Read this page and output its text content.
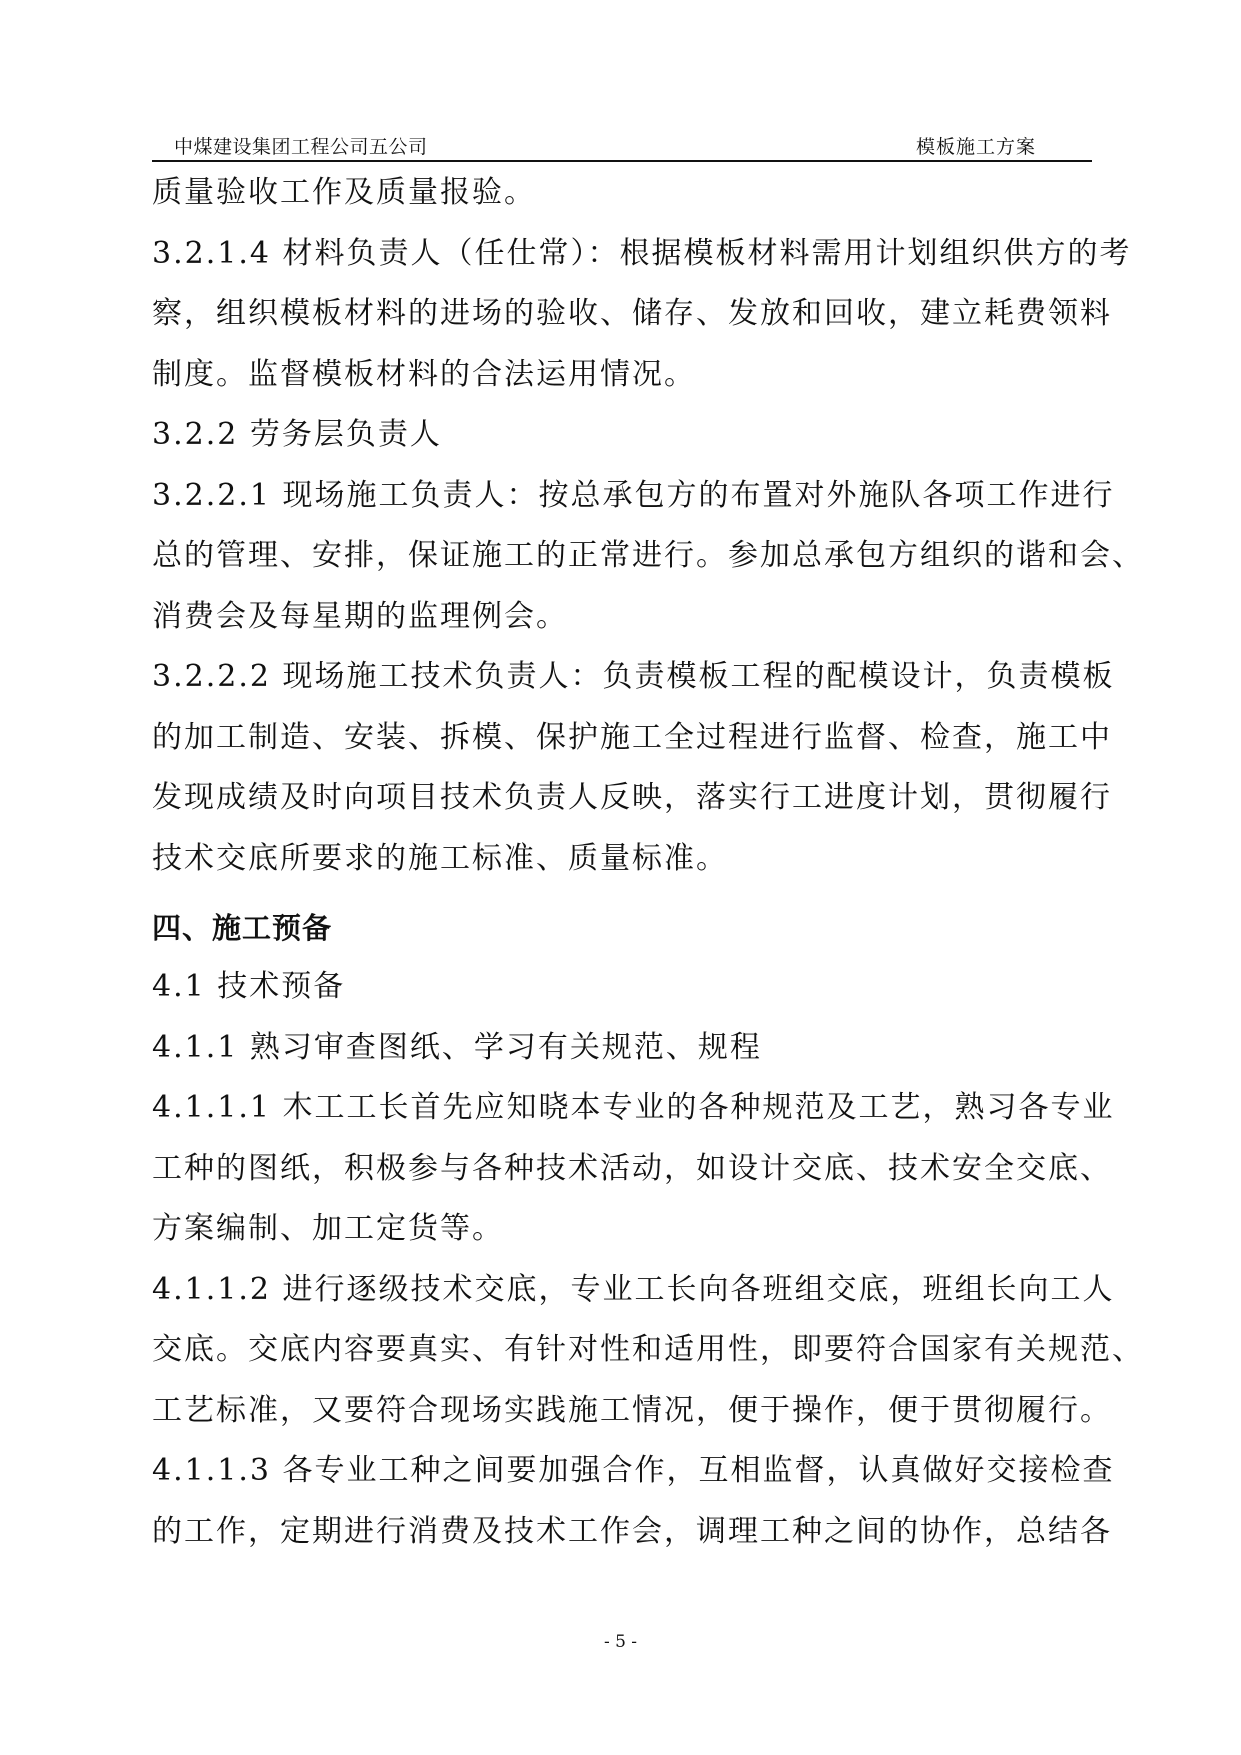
中煤建设集团工程公司五公司	模板施工方案
质量验收工作及质量报验。
3.2.1.4 材料负责人（任仕常）：根据模板材料需用计划组织供方的考
察，组织模板材料的进场的验收、储存、发放和回收，建立耗费领料
制度。监督模板材料的合法运用情况。
3.2.2 劳务层负责人
3.2.2.1 现场施工负责人：按总承包方的布置对外施队各项工作进行
总的管理、安排，保证施工的正常进行。参加总承包方组织的谐和会、
消费会及每星期的监理例会。
3.2.2.2 现场施工技术负责人：负责模板工程的配模设计，负责模板
的加工制造、安装、拆模、保护施工全过程进行监督、检查，施工中
发现成绩及时向项目技术负责人反映，落实行工进度计划，贯彻履行
技术交底所要求的施工标准、质量标准。
四、施工预备
4.1 技术预备
4.1.1 熟习审查图纸、学习有关规范、规程
4.1.1.1 木工工长首先应知晓本专业的各种规范及工艺，熟习各专业
工种的图纸，积极参与各种技术活动，如设计交底、技术安全交底、
方案编制、加工定货等。
4.1.1.2 进行逐级技术交底，专业工长向各班组交底，班组长向工人
交底。交底内容要真实、有针对性和适用性，即要符合国家有关规范、
工艺标准，又要符合现场实践施工情况，便于操作，便于贯彻履行。
4.1.1.3 各专业工种之间要加强合作，互相监督，认真做好交接检查
的工作，定期进行消费及技术工作会，调理工种之间的协作，总结各
- 5 -
